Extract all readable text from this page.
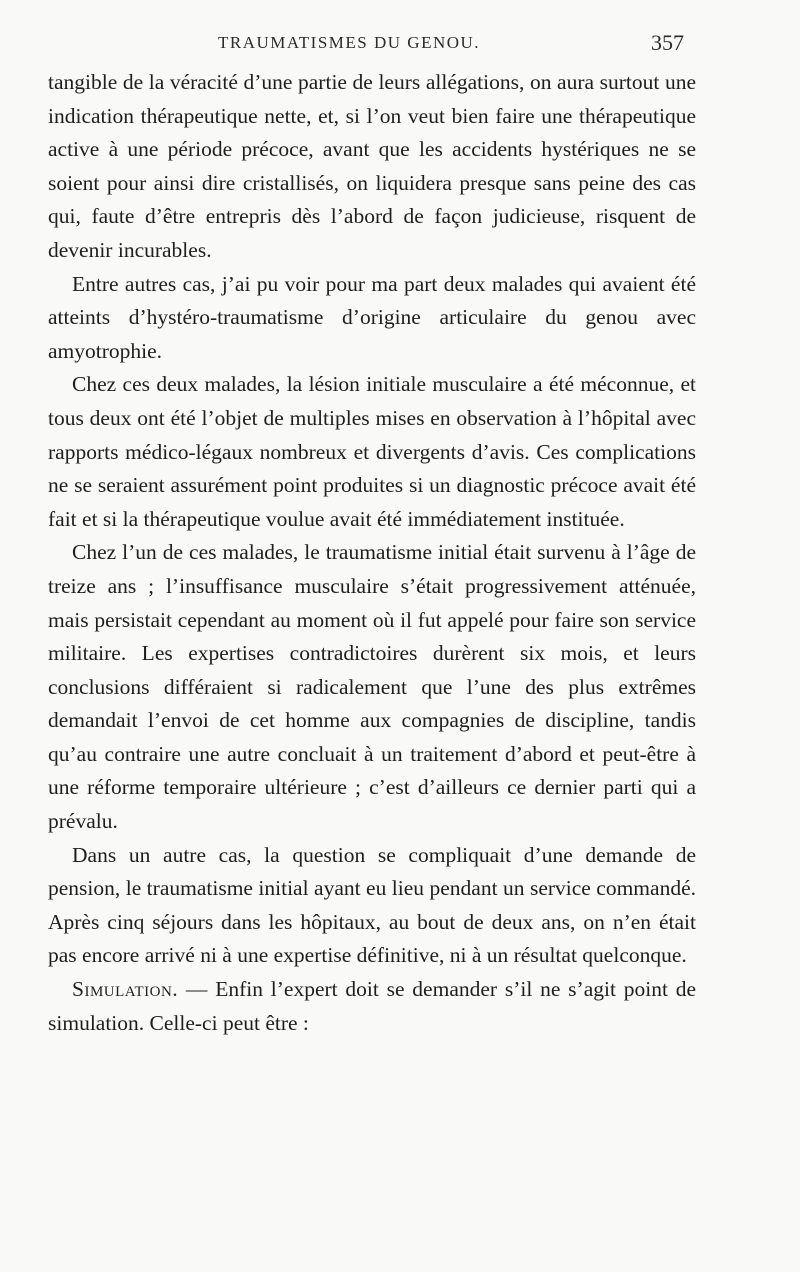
TRAUMATISMES DU GENOU.	357

tangible de la véracité d’une partie de leurs allégations, on aura surtout une indication thérapeutique nette, et, si l’on veut bien faire une thérapeutique active à une période précoce, avant que les accidents hystériques ne se soient pour ainsi dire cristallisés, on liquidera presque sans peine des cas qui, faute d’être entrepris dès l’abord de façon judicieuse, risquent de devenir incurables.

Entre autres cas, j’ai pu voir pour ma part deux malades qui avaient été atteints d’hystéro-traumatisme d’origine articulaire du genou avec amyotrophie.

Chez ces deux malades, la lésion initiale musculaire a été méconnue, et tous deux ont été l’objet de multiples mises en observation à l’hôpital avec rapports médico-légaux nombreux et divergents d’avis. Ces complications ne se seraient assurément point produites si un diagnostic précoce avait été fait et si la thérapeutique voulue avait été immédiatement instituée.

Chez l’un de ces malades, le traumatisme initial était survenu à l’âge de treize ans ; l’insuffisance musculaire s’était progressivement atténuée, mais persistait cependant au moment où il fut appelé pour faire son service militaire. Les expertises contradictoires durèrent six mois, et leurs conclusions différaient si radicalement que l’une des plus extrêmes demandait l’envoi de cet homme aux compagnies de discipline, tandis qu’au contraire une autre concluait à un traitement d’abord et peut-être à une réforme temporaire ultérieure ; c’est d’ailleurs ce dernier parti qui a prévalu.

Dans un autre cas, la question se compliquait d’une demande de pension, le traumatisme initial ayant eu lieu pendant un service commandé. Après cinq séjours dans les hôpitaux, au bout de deux ans, on n’en était pas encore arrivé ni à une expertise définitive, ni à un résultat quelconque.

Simulation. — Enfin l’expert doit se demander s’il ne s’agit point de simulation. Celle-ci peut être :
